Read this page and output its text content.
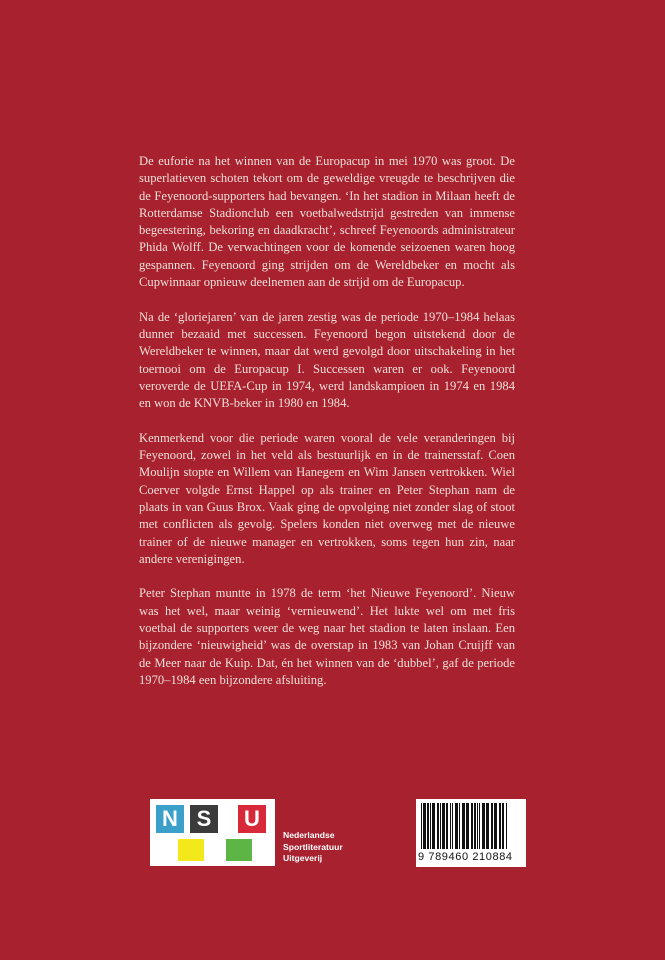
De euforie na het winnen van de Europacup in mei 1970 was groot. De superlatieven schoten tekort om de geweldige vreugde te beschrijven die de Feyenoord-supporters had bevangen. ‘In het stadion in Milaan heeft de Rotterdamse Stadionclub een voetbalwedstrijd gestreden van immense begeestering, bekoring en daadkracht’, schreef Feyenoords administrateur Phida Wolff. De verwachtingen voor de komende seizoenen waren hoog gespannen. Feyenoord ging strijden om de Wereldbeker en mocht als Cupwinnaar opnieuw deelnemen aan de strijd om de Europacup.

Na de ‘gloriejaren’ van de jaren zestig was de periode 1970–1984 helaas dunner bezaaid met successen. Feyenoord begon uitstekend door de Wereldbeker te winnen, maar dat werd gevolgd door uitschakeling in het toernooi om de Europacup I. Successen waren er ook. Feyenoord veroverde de UEFA-Cup in 1974, werd landskampioen in 1974 en 1984 en won de KNVB-beker in 1980 en 1984.

Kenmerkend voor die periode waren vooral de vele veranderingen bij Feyenoord, zowel in het veld als bestuurlijk en in de trainersstaf. Coen Moulijn stopte en Willem van Hanegem en Wim Jansen vertrokken. Wiel Coerver volgde Ernst Happel op als trainer en Peter Stephan nam de plaats in van Guus Brox. Vaak ging de opvolging niet zonder slag of stoot met conflicten als gevolg. Spelers konden niet overweg met de nieuwe trainer of de nieuwe manager en vertrokken, soms tegen hun zin, naar andere verenigingen.

Peter Stephan muntte in 1978 de term ‘het Nieuwe Feyenoord’. Nieuw was het wel, maar weinig ‘vernieuwend’. Het lukte wel om met fris voetbal de supporters weer de weg naar het stadion te laten inslaan. Een bijzondere ‘nieuwigheid’ was de overstap in 1983 van Johan Cruijff van de Meer naar de Kuip. Dat, én het winnen van de ‘dubbel’, gaf de periode 1970–1984 een bijzondere afsluiting.

N S	U
Nederlandse
Sportliteratuur
Uitgeverij	9 789460 210884
